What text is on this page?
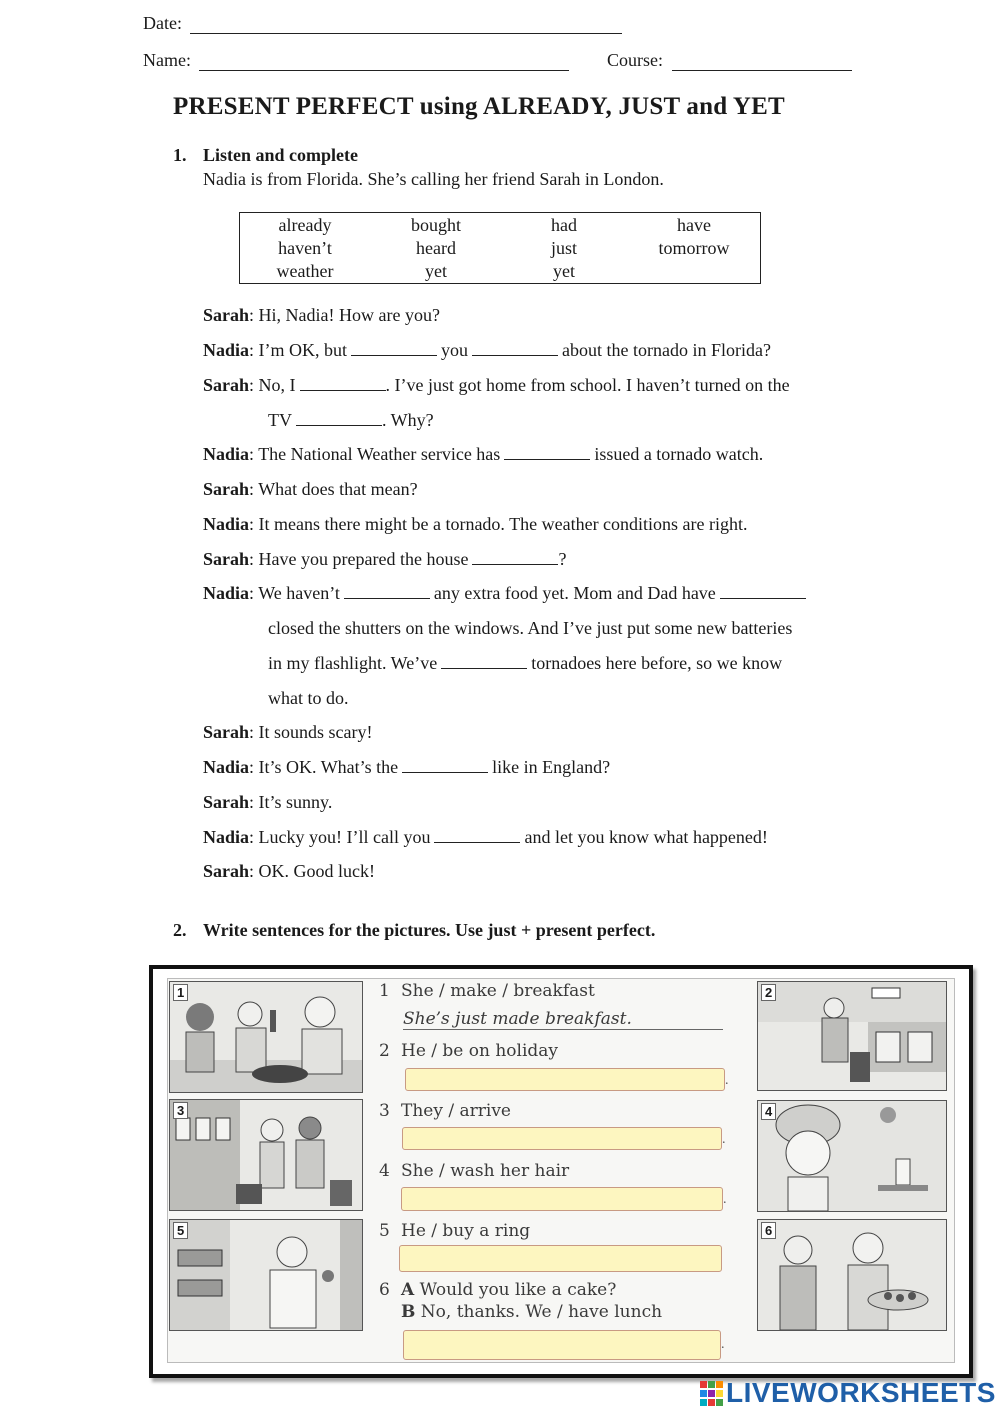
Date:
Name:	Course:
PRESENT PERFECT using ALREADY, JUST and YET
1. Listen and complete
Nadia is from Florida. She’s calling her friend Sarah in London.
already	bought	had	have
haven’t	heard	just	tomorrow
weather	yet	yet
Sarah: Hi, Nadia! How are you?
Nadia: I’m OK, but	you	about the tornado in Florida?
Sarah: No, I	. I’ve just got home from school. I haven’t turned on the
TV	. Why?
Nadia: The National Weather service has	issued a tornado watch.
Sarah: What does that mean?
Nadia: It means there might be a tornado. The weather conditions are right.
Sarah: Have you prepared the house	?
Nadia: We haven’t	any extra food yet. Mom and Dad have
closed the shutters on the windows. And I’ve just put some new batteries
in my flashlight. We’ve	tornadoes here before, so we know
what to do.
Sarah: It sounds scary!
Nadia: It’s OK. What’s the	like in England?
Sarah: It’s sunny.
Nadia: Lucky you! I’ll call you	and let you know what happened!
Sarah: OK. Good luck!
2. Write sentences for the pictures. Use just + present perfect.
1
3
5
2
4
6
1 She / make / breakfast
She’s just made breakfast.
2 He / be on holiday
.
3 They / arrive
.
4 She / wash her hair
.
5 He / buy a ring
6 A Would you like a cake?
B No, thanks. We / have lunch
.
LIVEWORKSHEETS
